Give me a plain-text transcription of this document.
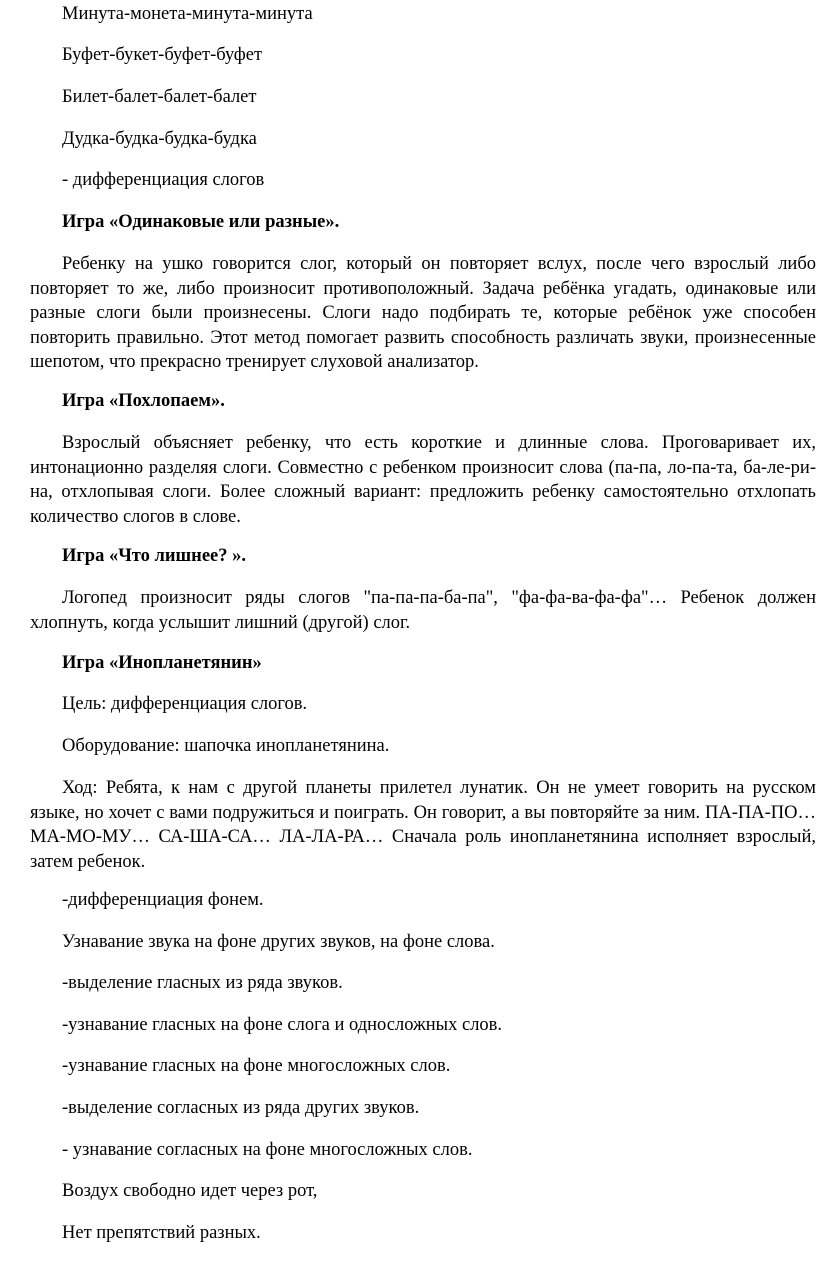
Минута-монета-минута-минута
Буфет-букет-буфет-буфет
Билет-балет-балет-балет
Дудка-будка-будка-будка
- дифференциация слогов
Игра «Одинаковые или разные».
Ребенку на ушко говорится слог, который он повторяет вслух, после чего взрослый либо повторяет то же, либо произносит противоположный. Задача ребёнка угадать, одинаковые или разные слоги были произнесены. Слоги надо подбирать те, которые ребёнок уже способен повторить правильно. Этот метод помогает развить способность различать звуки, произнесенные шепотом, что прекрасно тренирует слуховой анализатор.
Игра «Похлопаем».
Взрослый объясняет ребенку, что есть короткие и длинные слова. Проговаривает их, интонационно разделяя слоги. Совместно с ребенком произносит слова (па-па, ло-па-та, ба-ле-ри-на, отхлопывая слоги. Более сложный вариант: предложить ребенку самостоятельно отхлопать количество слогов в слове.
Игра «Что лишнее? ».
Логопед произносит ряды слогов "па-па-па-ба-па", "фа-фа-ва-фа-фа"… Ребенок должен хлопнуть, когда услышит лишний (другой) слог.
Игра «Инопланетянин»
Цель: дифференциация слогов.
Оборудование: шапочка инопланетянина.
Ход: Ребята, к нам с другой планеты прилетел лунатик. Он не умеет говорить на русском языке, но хочет с вами подружиться и поиграть. Он говорит, а вы повторяйте за ним. ПА-ПА-ПО… МА-МО-МУ… СА-ША-СА… ЛА-ЛА-РА… Сначала роль инопланетянина исполняет взрослый, затем ребенок.
-дифференциация фонем.
Узнавание звука на фоне других звуков, на фоне слова.
-выделение гласных из ряда звуков.
-узнавание гласных на фоне слога и односложных слов.
-узнавание гласных на фоне многосложных слов.
-выделение согласных из ряда других звуков.
- узнавание согласных на фоне многосложных слов.
Воздух свободно идет через рот,
Нет препятствий разных.
